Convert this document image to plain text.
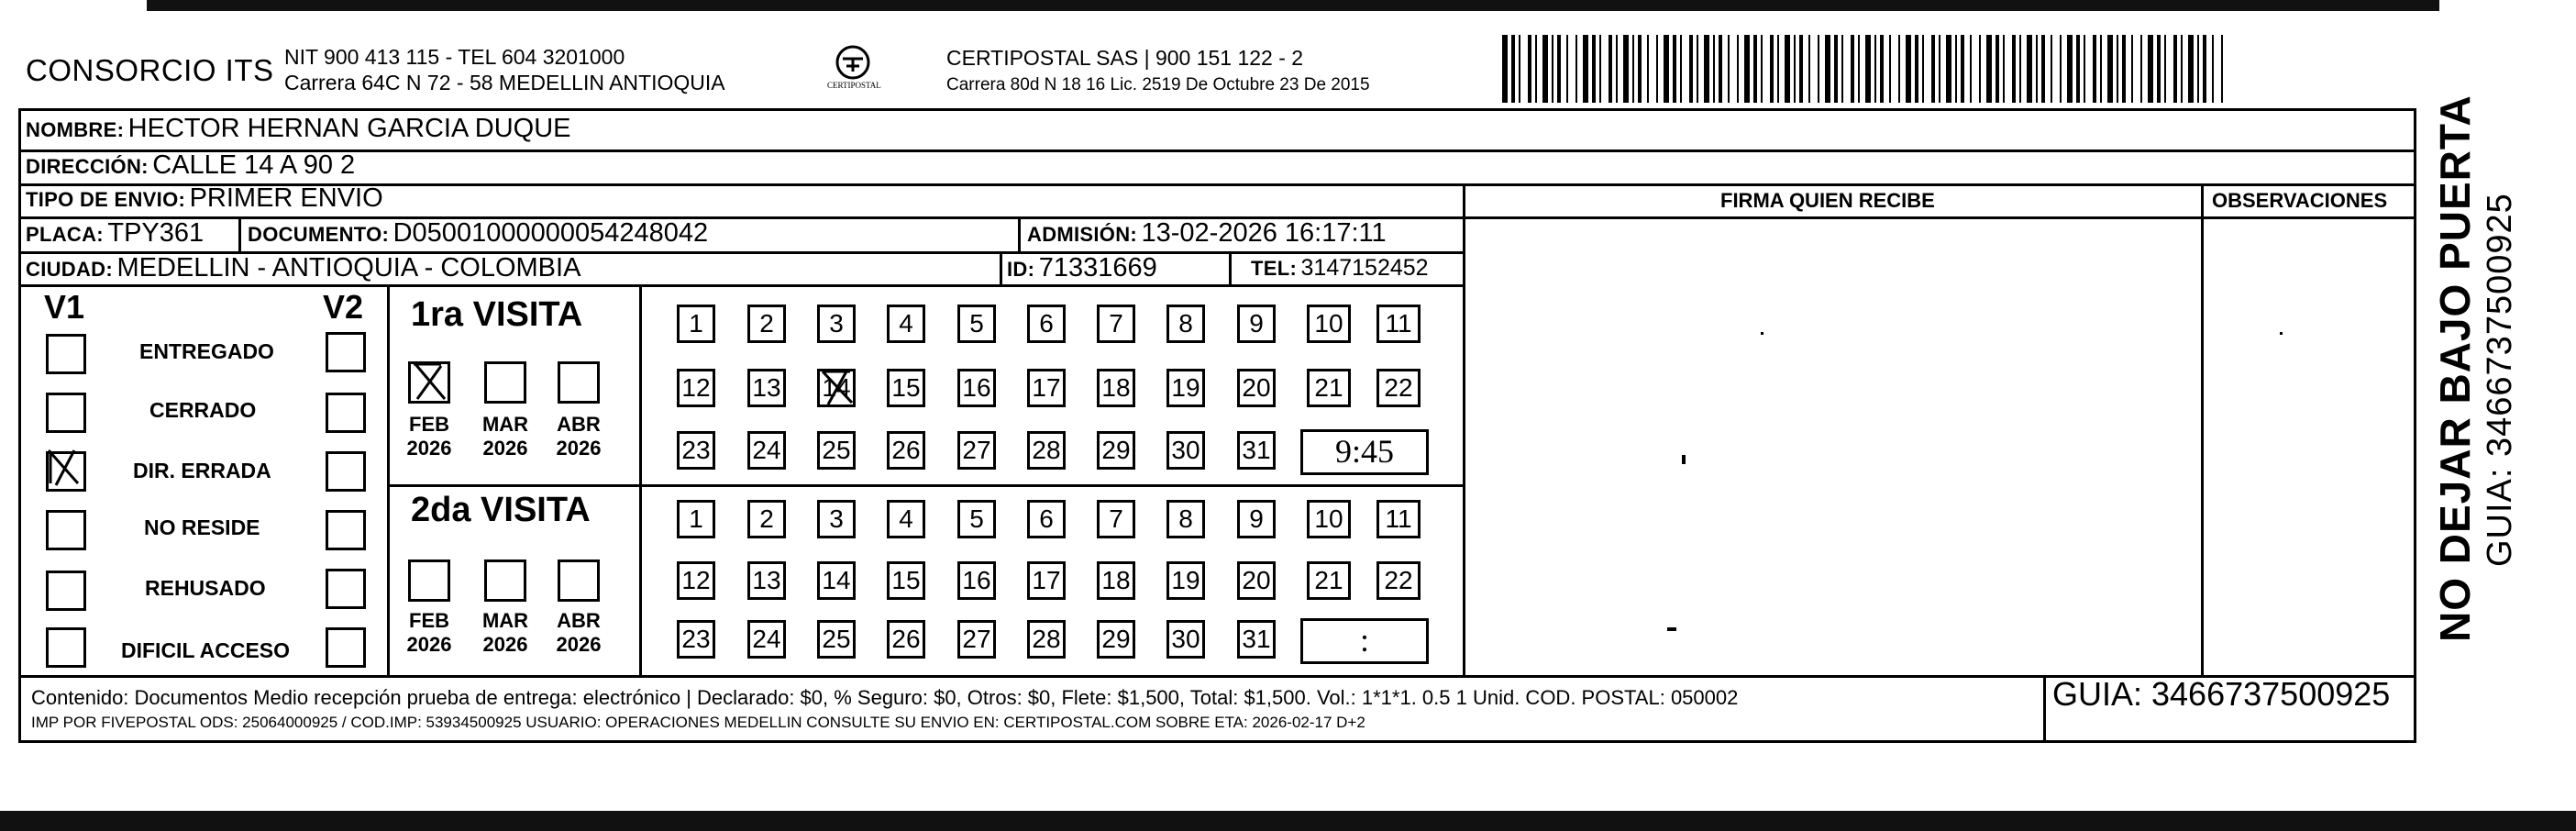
CONSORCIO ITS NIT 900 413 115 - TEL 604 3201000
Carrera 64C N 72 - 58 MEDELLIN ANTIOQUIA	CERTIPOSTAL
CERTIPOSTAL SAS | 900 151 122 - 2
Carrera 80d N 18 16 Lic. 2519 De Octubre 23 De 2015
NOMBRE: HECTOR HERNAN GARCIA DUQUE
DIRECCIÓN: CALLE 14 A 90 2
TIPO DE ENVIO: PRIMER ENVIO
PLACA: TPY361 DOCUMENTO: D05001000000054248042	ADMISIÓN: 13-02-2026 16:17:11
CIUDAD: MEDELLIN - ANTIOQUIA - COLOMBIA	ID: 71331669	TEL: 3147152452
FIRMA QUIEN RECIBE	OBSERVACIONES
V1	V2
ENTREGADO
CERRADO
DIR. ERRADA
NO RESIDE
REHUSADO
DIFICIL ACCESO
1ra VISITA
FEB
2026
MAR
2026
ABR
2026
1	2	3	4	5	6	7	8	9	10	11
12 13 14 15 16 17 18 19 20	21	22
23 24 25 26 27 28 29 30 31	9:45
2da VISITA
FEB
2026
MAR
2026
ABR
2026
1	2	3	4	5	6	7	8	9	10	11
12 13 14 15 16 17 18 19 20	21	22
23 24 25 26 27 28 29 30 31	:
Contenido: Documentos Medio recepción prueba de entrega: electrónico | Declarado: $0, % Seguro: $0, Otros: $0, Flete: $1,500, Total: $1,500. Vol.: 1*1*1. 0.5 1 Unid. COD. POSTAL: 050002
IMP POR FIVEPOSTAL ODS: 25064000925 / COD.IMP: 53934500925 USUARIO: OPERACIONES MEDELLIN CONSULTE SU ENVIO EN: CERTIPOSTAL.COM SOBRE ETA: 2026-02-17 D+2
GUIA: 3466737500925
NO DEJAR BAJO PUERTA GUIA: 3466737500925
